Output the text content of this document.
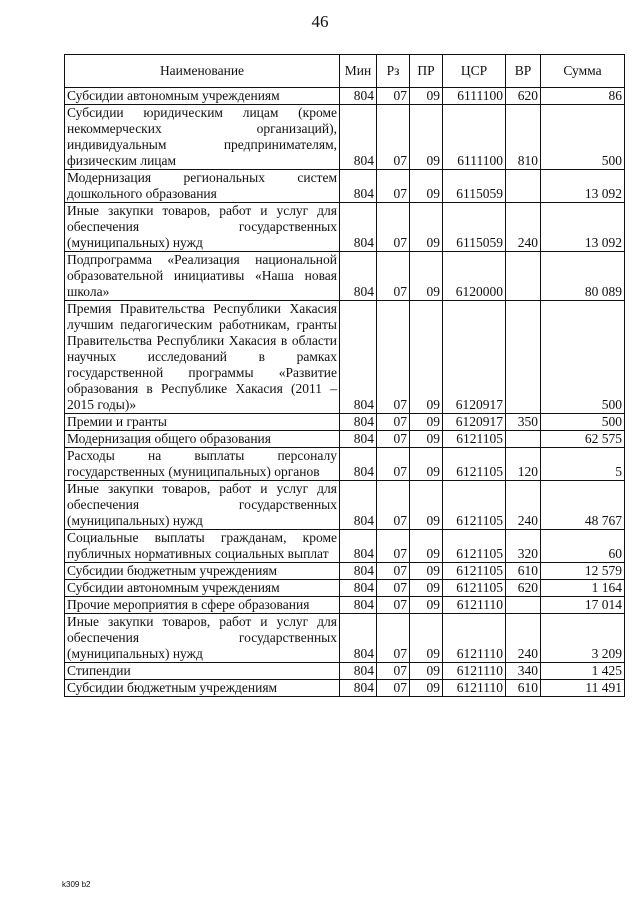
46
Наименование	Мин	Рз	ПР	ЦСР	ВР	Сумма
Субсидии автономным учреждениям	804	07	09	6111100	620	86
Субсидии юридическим лицам (кроме некоммерческих организаций), индивидуальным предпринимателям, физическим лицам	804	07	09	6111100	810	500
Модернизация региональных систем дошкольного образования	804	07	09	6115059		13 092
Иные закупки товаров, работ и услуг для обеспечения государственных (муниципальных) нужд	804	07	09	6115059	240	13 092
Подпрограмма «Реализация национальной образовательной инициативы «Наша новая школа»	804	07	09	6120000		80 089
Премия Правительства Республики Хакасия лучшим педагогическим работникам, гранты Правительства Республики Хакасия в области научных исследований в рамках государственной программы «Развитие образования в Республике Хакасия (2011 – 2015 годы)»	804	07	09	6120917		500
Премии и гранты	804	07	09	6120917	350	500
Модернизация общего образования	804	07	09	6121105		62 575
Расходы на выплаты персоналу государственных (муниципальных) органов	804	07	09	6121105	120	5
Иные закупки товаров, работ и услуг для обеспечения государственных (муниципальных) нужд	804	07	09	6121105	240	48 767
Социальные выплаты гражданам, кроме публичных нормативных социальных выплат	804	07	09	6121105	320	60
Субсидии бюджетным учреждениям	804	07	09	6121105	610	12 579
Субсидии автономным учреждениям	804	07	09	6121105	620	1 164
Прочие мероприятия в сфере образования	804	07	09	6121110		17 014
Иные закупки товаров, работ и услуг для обеспечения государственных (муниципальных) нужд	804	07	09	6121110	240	3 209
Стипендии	804	07	09	6121110	340	1 425
Субсидии бюджетным учреждениям	804	07	09	6121110	610	11 491
k309 b2
